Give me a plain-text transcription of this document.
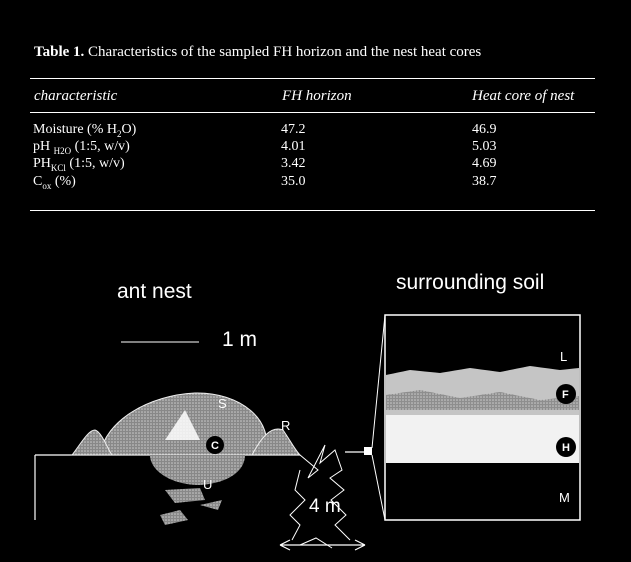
Table 1. Characteristics of the sampled FH horizon and the nest heat cores
characteristic	FH horizon	Heat core of nest
Moisture (% $H_2O$)	47.2	46.9
pH $_{H2O}$ (1:5, w/v)	4.01	5.03
$PH_{KCl}$ (1:5, w/v)	3.42	4.69
$C_{ox}$ (%)	35.0	38.7
ant nest	surrounding soil
1 m
4 m
S
C
R
U
L
F
H
M
